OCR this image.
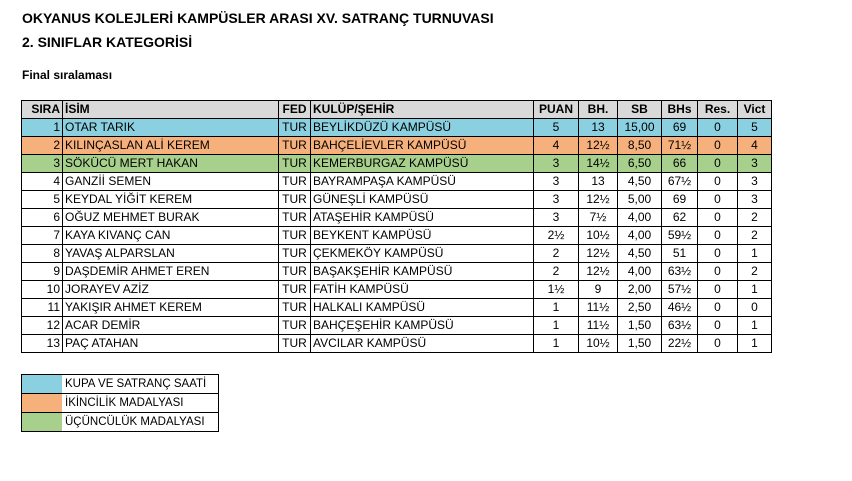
OKYANUS KOLEJLERİ KAMPÜSLER ARASI XV. SATRANÇ TURNUVASI
2. SINIFLAR KATEGORİSİ
Final sıralaması
SIRA	İSİM	FED	KULÜP/ŞEHİR	PUAN	BH.	SB	BHs	Res.	Vict
1	OTAR TARIK	TUR	BEYLİKDÜZÜ KAMPÜSÜ	5	13	15,00	69	0	5
2	KILINÇASLAN ALİ KEREM	TUR	BAHÇELİEVLER KAMPÜSÜ	4	12½	8,50	71½	0	4
3	SÖKÜCÜ MERT HAKAN	TUR	KEMERBURGAZ KAMPÜSÜ	3	14½	6,50	66	0	3
4	GANZİİ SEMEN	TUR	BAYRAMPAŞA KAMPÜSÜ	3	13	4,50	67½	0	3
5	KEYDAL YİĞİT KEREM	TUR	GÜNEŞLİ KAMPÜSÜ	3	12½	5,00	69	0	3
6	OĞUZ MEHMET BURAK	TUR	ATAŞEHİR KAMPÜSÜ	3	7½	4,00	62	0	2
7	KAYA KIVANÇ CAN	TUR	BEYKENT KAMPÜSÜ	2½	10½	4,00	59½	0	2
8	YAVAŞ ALPARSLAN	TUR	ÇEKMEKÖY KAMPÜSÜ	2	12½	4,50	51	0	1
9	DAŞDEMİR AHMET EREN	TUR	BAŞAKŞEHİR KAMPÜSÜ	2	12½	4,00	63½	0	2
10	JORAYEV AZİZ	TUR	FATİH KAMPÜSÜ	1½	9	2,00	57½	0	1
11	YAKIŞIR AHMET KEREM	TUR	HALKALI KAMPÜSÜ	1	11½	2,50	46½	0	0
12	ACAR DEMİR	TUR	BAHÇEŞEHİR KAMPÜSÜ	1	11½	1,50	63½	0	1
13	PAÇ ATAHAN	TUR	AVCILAR KAMPÜSÜ	1	10½	1,50	22½	0	1
KUPA VE SATRANÇ SAATİ
İKİNCİLİK MADALYASI
ÜÇÜNCÜLÜK MADALYASI
